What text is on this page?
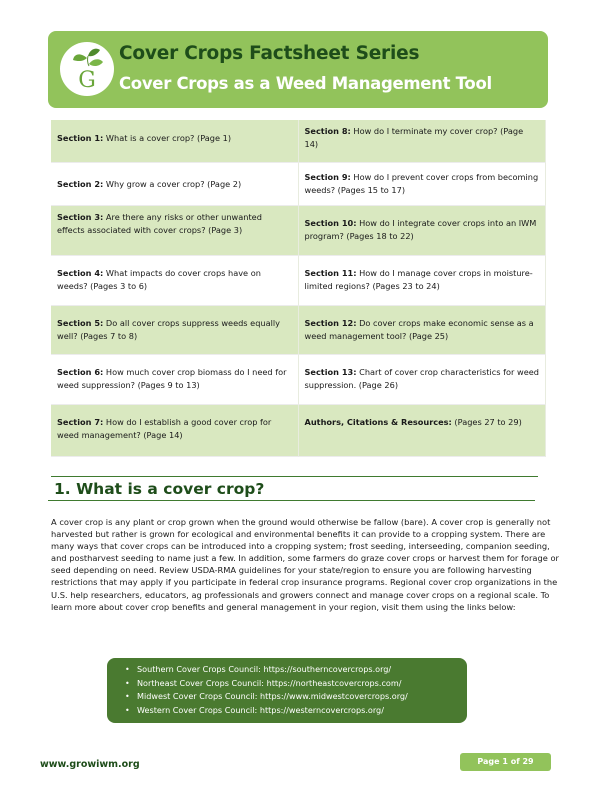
G
Cover Crops Factsheet Series
Cover Crops as a Weed Management Tool
Section 1: What is a cover crop? (Page 1)
Section 8: How do I terminate my cover crop? (Page 14)
Section 2: Why grow a cover crop? (Page 2)
Section 9: How do I prevent cover crops from becoming weeds? (Pages 15 to 17)
Section 3: Are there any risks or other unwanted effects associated with cover crops? (Page 3)
Section 10: How do I integrate cover crops into an IWM program? (Pages 18 to 22)
Section 4: What impacts do cover crops have on weeds? (Pages 3 to 6)
Section 11: How do I manage cover crops in moisture-limited regions? (Pages 23 to 24)
Section 5: Do all cover crops suppress weeds equally well? (Pages 7 to 8)
Section 12: Do cover crops make economic sense as a weed management tool? (Page 25)
Section 6: How much cover crop biomass do I need for weed suppression? (Pages 9 to 13)
Section 13: Chart of cover crop characteristics for weed suppression. (Page 26)
Section 7: How do I establish a good cover crop for weed management? (Page 14)
Authors, Citations & Resources: (Pages 27 to 29)
1. What is a cover crop?
A cover crop is any plant or crop grown when the ground would otherwise be fallow (bare). A cover crop is generally not harvested but rather is grown for ecological and environmental benefits it can provide to a cropping system. There are many ways that cover crops can be introduced into a cropping system; frost seeding, interseeding, companion seeding, and postharvest seeding to name just a few. In addition, some farmers do graze cover crops or harvest them for forage or seed depending on need. Review USDA-RMA guidelines for your state/region to ensure you are following harvesting restrictions that may apply if you participate in federal crop insurance programs. Regional cover crop organizations in the U.S. help researchers, educators, ag professionals and growers connect and manage cover crops on a regional scale. To learn more about cover crop benefits and general management in your region, visit them using the links below:
• Southern Cover Crops Council: https://southerncovercrops.org/
• Northeast Cover Crops Council: https://northeastcovercrops.com/
• Midwest Cover Crops Council: https://www.midwestcovercrops.org/
• Western Cover Crops Council: https://westerncovercrops.org/
www.growiwm.org	Page 1 of 29
